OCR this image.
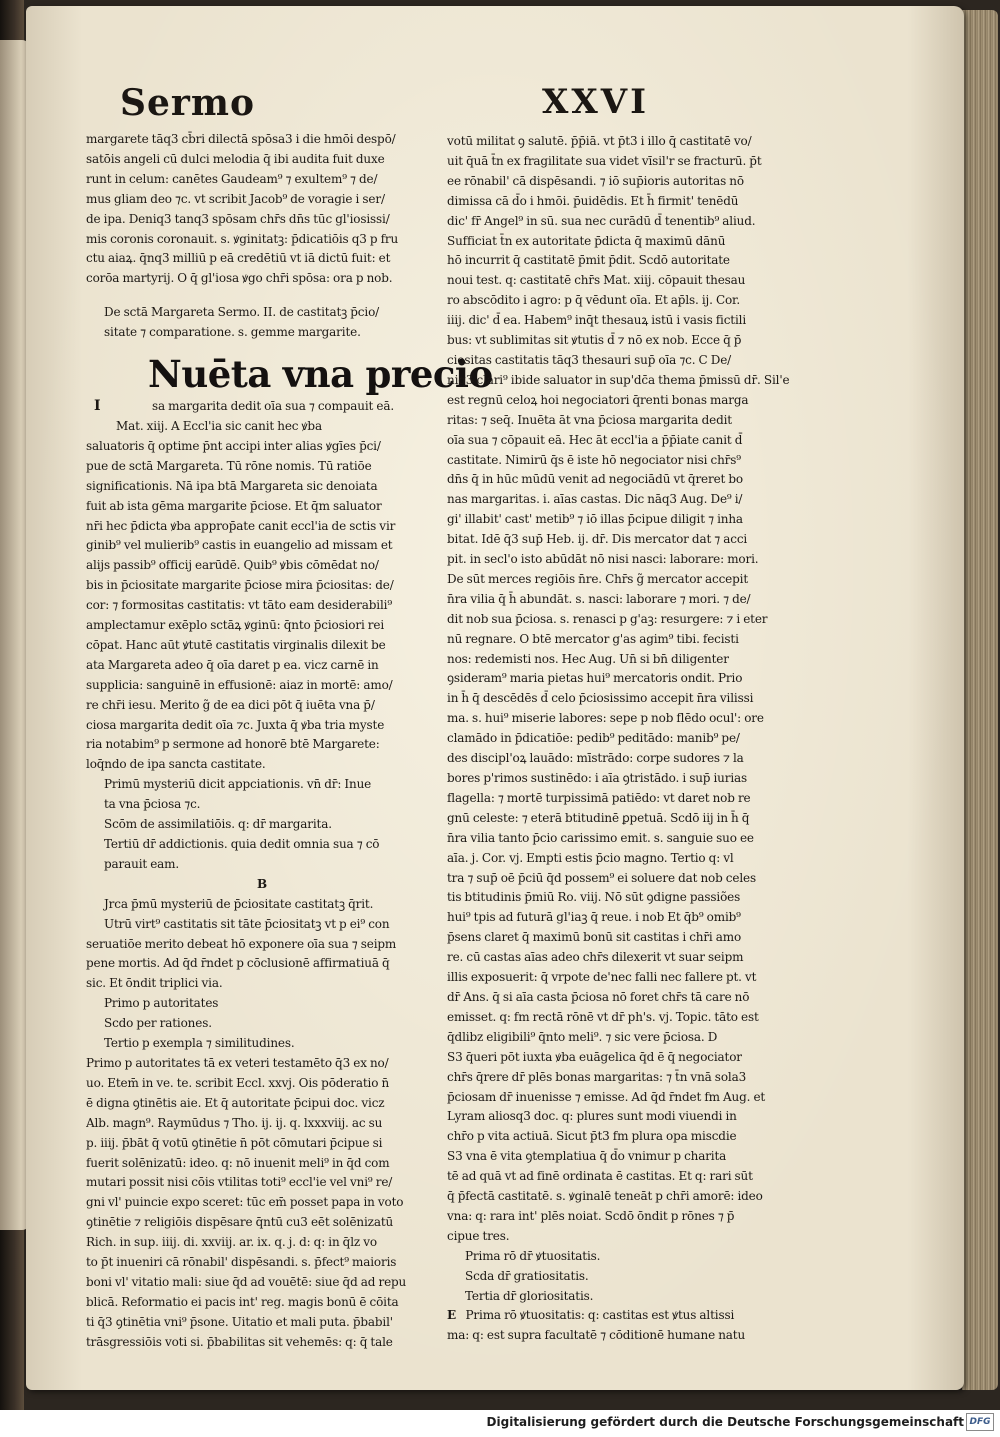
Sermo	XXVI

margarete tāq3 cb̄ri dilectā spōsa3 i die hmōi despō/

satōis angeli cū dulci melodia q̄ ibi audita fuit duxe

runt in celum: canētes Gaudeam⁹ ⁊ exultem⁹ ⁊ de/

mus gliam deo ⁊c. vt scribit Jacob⁹ de voragie i ser/

de ipa. Deniq3 tanq3 spōsam chr̄s dn̄s tūc gl'iosissi/

mis coronis coronauit. s. ꝟginitatꝫ: p̄dicatiōis q3 p fru

ctu aiaꝝ. q̄nq3 milliū p eā credētiū vt iā dictū fuit: et

corōa martyrij. O q̄ gl'iosa ꝟgo chr̄i spōsa: ora p nob.

De sctā Margareta Sermo. II. de castitatꝫ p̄cio/

sitate ⁊ comparatione. s. gemme margarite.

Nuēta vna precio

I	sa margarita dedit oīa sua ⁊ compauit eā.

Mat. xiij. A Eccl'ia sic canit hec ꝟba

saluatoris q̄ optime p̄nt accipi inter alias ꝟgīes p̄ci/

pue de sctā Margareta. Tū rōne nomis. Tū ratiōe

significationis. Nā ipa btā Margareta sic denoiata

fuit ab ista gēma margarite p̄ciose. Et q̄m saluator

nr̄i hec p̄dicta ꝟba approp̄ate canit eccl'ia de sctis vir

ginib⁹ vel mulierib⁹ castis in euangelio ad missam et

alijs passib⁹ officij earūdē. Quib⁹ ꝟbis cōmēdat no/

bis in p̄ciositate margarite p̄ciose mira p̄ciositas: de/

cor: ⁊ formositas castitatis: vt tāto eam desiderabili⁹

amplectamur exēplo sctāꝝ ꝟginū: q̄nto p̄ciosiori rei

cōpat. Hanc aūt ꝟtutē castitatis virginalis dilexit be

ata Margareta adeo q̄ oīa daret p ea. vicz carnē in

supplicia: sanguinē in effusionē: aiaz in mortē: amo/

re chr̄i iesu. Merito g̃ de ea dici pōt q̄ iuēta vna p̄/

ciosa margarita dedit oīa ⁊c. Juxta q̄ ꝟba tria myste

ria notabim⁹ p sermone ad honorē btē Margarete:

loq̄ndo de ipa sancta castitate.

Primū mysteriū dicit appciationis. vn̄ dr̄: Inue

ta vna p̄ciosa ⁊c.

Scōm de assimilatiōis. q: dr̄ margarita.

Tertiū dr̄ addictionis. quia dedit omnia sua ⁊ cō

parauit eam.

B

Jrca p̄mū mysteriū de p̄ciositate castitatꝫ q̄rit.

Utrū virt⁹ castitatis sit tāte p̄ciositatꝫ vt p ei⁹ con

seruatiōe merito debeat hō exponere oīa sua ⁊ seipm

pene mortis. Ad q̄d r̄ndet p cōclusionē affirmatiuā q̄

sic. Et ōndit triplici via.

Primo p autoritates

Scdo per rationes.

Tertio p exempla ⁊ similitudines.

Primo p autoritates tā ex veteri testamēto q̄3 ex no/

uo. Etem̄ in ve. te. scribit Eccl. xxvj. Ois pōderatio n̄

ē digna ꝯtinētis aie. Et q̄ autoritate p̄cipui doc. vicz

Alb. magn⁹. Raymūdus ⁊ Tho. ij. ij. q. lxxxviij. ac su

p. iiij. p̄bāt q̄ votū ꝯtinētie n̄ pōt cōmutari p̄cipue si

fuerit solēnizatū: ideo. q: nō inuenit meli⁹ in q̄d com

mutari possit nisi cōis vtilitas toti⁹ eccl'ie vel vni⁹ re/

gni vl' puincie expo sceret: tūc em̄ posset papa in voto

ꝯtinētie ⁊ religiōis dispēsare q̄ntū cu3 eēt solēnizatū

Rich. in sup. iiij. di. xxviij. ar. ix. q. j. d: q: in q̄lz vo

to p̄t inueniri cā rōnabil' dispēsandi. s. p̄fect⁹ maioris

boni vl' vitatio mali: siue q̄d ad vouētē: siue q̄d ad repu

blicā. Reformatio ei pacis int' reg. magis bonū ē cōita

ti q̄3 ꝯtinētia vni⁹ p̄sone. Uitatio et mali puta. p̄babil'

trāsgressiōis voti si. p̄babilitas sit vehemēs: q: q̄ tale

votū militat ꝯ salutē. p̄p̄iā. vt p̄t3 i illo q̄ castitatē vo/

uit q̄uā t̄n ex fragilitate sua videt vīsil'r se fracturū. p̄t

ee rōnabil' cā dispēsandi. ⁊ iō sup̄ioris autoritas nō

dimissa cā d̄o i hmōi. p̄uidēdis. Et h̄ firmit' tenēdū

dic' fr̄ Angel⁹ in sū. sua nec curādū d̄ tenentib⁹ aliud.

Sufficiat t̄n ex autoritate p̄dicta q̄ maximū dānū

hō incurrit q̄ castitatē p̄mit p̄dit. Scdō autoritate

noui test. q: castitatē chr̄s Mat. xiij. cōpauit thesau

ro abscōdito i agro: p q̄ vēdunt oīa. Et ap̄ls. ij. Cor.

iiij. dic' d̄ ea. Habem⁹ inq̄t thesauꝝ istū i vasis fictili

bus: vt sublimitas sit ꝟtutis d̄ ⁊ nō ex nob. Ecce q̄ p̄

ciositas castitatis tāq3 thesauri sup̄ oīa ⁊c. C De/

niq3 clari⁹ ibide saluator in sup'dc̄a thema p̄missū dr̄. Sil'e

est regnū celoꝝ hoi negociatori q̄renti bonas marga

ritas: ⁊ seq̄. Inuēta āt vna p̄ciosa margarita dedit

oīa sua ⁊ cōpauit eā. Hec āt eccl'ia a p̄p̄iate canit d̄

castitate. Nimirū q̄s ē iste hō negociator nisi chr̄s⁹

dn̄s q̄ in hūc mūdū venit ad negociādū vt q̄reret bo

nas margaritas. i. aīas castas. Dic nāq3 Aug. De⁹ i/

gi' illabit' cast' metib⁹ ⁊ iō illas p̄cipue diligit ⁊ inha

bitat. Idē q̄3 sup̄ Heb. ij. dr̄. Dis mercator dat ⁊ acci

pit. in secl'o isto abūdāt nō nisi nasci: laborare: mori.

De sūt merces regiōis n̄re. Chr̄s g̃ mercator accepit

n̄ra vilia q̄ h̄ abundāt. s. nasci: laborare ⁊ mori. ⁊ de/

dit nob sua p̄ciosa. s. renasci p g'aꝫ: resurgere: ⁊ i eter

nū regnare. O btē mercator g'as agim⁹ tibi. fecisti

nos: redemisti nos. Hec Aug. Un̄ si bn̄ diligenter

ꝯsideram⁹ maria pietas hui⁹ mercatoris ondit. Prio

in h̄ q̄ descēdēs d̄ celo p̄ciosissimo accepit n̄ra vilissi

ma. s. hui⁹ miserie labores: sepe p nob flēdo ocul': ore

clamādo in p̄dicatiōe: pedib⁹ peditādo: manib⁹ pe/

des discipl'oꝝ lauādo: mīstrādo: corpe sudores ⁊ la

bores p'rimos sustinēdo: i aīa ꝯtristādo. i sup̄ iurias

flagella: ⁊ mortē turpissimā patiēdo: vt daret nob re

gnū celeste: ⁊ eterā btitudinē ꝑpetuā. Scdō iij in h̄ q̄

n̄ra vilia tanto p̄cio carissimo emit. s. sanguie suo ee

aīa. j. Cor. vj. Empti estis p̄cio magno. Tertio q: vl

tra ⁊ sup̄ oē p̄ciū q̄d possem⁹ ei soluere dat nob celes

tis btitudinis p̄miū Ro. viij. Nō sūt ꝯdigne passiões

hui⁹ tpis ad futurā gl'iaꝫ q̄ reue. i nob Et q̄b⁹ omib⁹

p̄sens claret q̄ maximū bonū sit castitas i chr̄i amo

re. cū castas aīas adeo chr̄s dilexerit vt suar seipm

illis exposuerit: q̄ vrpote de'nec falli nec fallere pt. vt

dr̄ Ans. q̄ si aīa casta p̄ciosa nō foret chr̄s tā care nō

emisset. q: fm rectā rōnē vt dr̄ ph's. vj. Topic. tāto est

q̄dlibz eligibili⁹ q̄nto meli⁹. ⁊ sic vere p̄ciosa. D

S3 q̄ueri pōt iuxta ꝟba euāgelica q̄d ē q̄ negociator

chr̄s q̄rere dr̄ plēs bonas margaritas: ⁊ t̄n vnā sola3

p̄ciosam dr̄ inuenisse ⁊ emisse. Ad q̄d r̄ndet fm Aug. et

Lyram aliosq3 doc. q: plures sunt modi viuendi in

chr̄o p vita actiuā. Sicut p̄t3 fm plura opa miscdie

S3 vna ē vita ꝯtemplatiua q̄ d̄o vnimur p charita

tē ad quā vt ad finē ordinata ē castitas. Et q: rari sūt

q̄ p̄fectā castitatē. s. ꝟginalē teneāt p chr̄i amorē: ideo

vna: q: rara int' plēs noiat. Scdō ōndit p rōnes ⁊ p̄

cipue tres.

Prima rō dr̄ ꝟtuositatis.

Scda dr̄ gratiositatis.

Tertia dr̄ gloriositatis.

E Prima rō ꝟtuositatis: q: castitas est ꝟtus altissi

ma: q: est supra facultatē ⁊ cōditionē humane natu

Digitalisierung gefördert durch die Deutsche Forschungsgemeinschaft DFG
